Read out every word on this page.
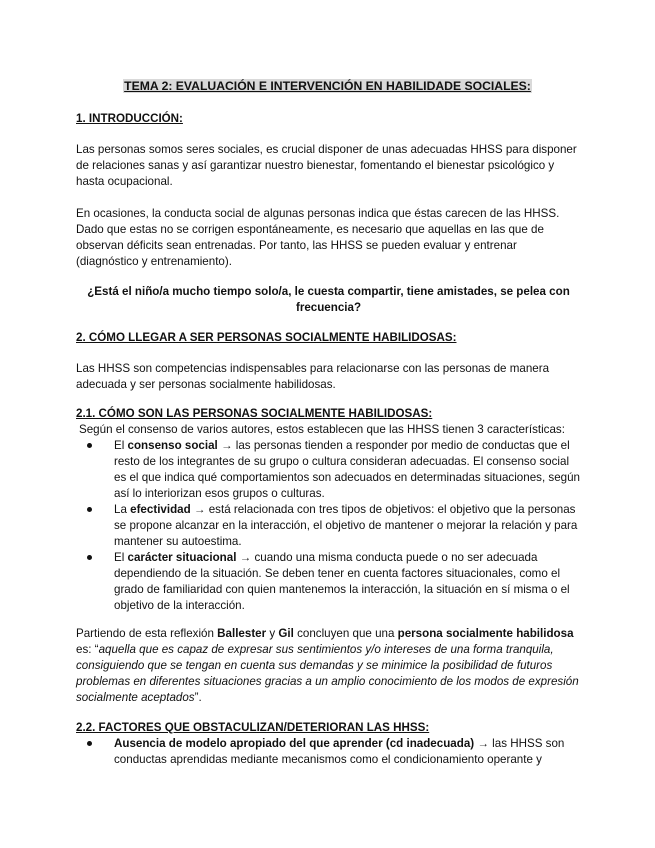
TEMA 2: EVALUACIÓN E INTERVENCIÓN EN HABILIDADE SOCIALES:

1. INTRODUCCIÓN:

Las personas somos seres sociales, es crucial disponer de unas adecuadas HHSS para disponer de relaciones sanas y así garantizar nuestro bienestar, fomentando el bienestar psicológico y hasta ocupacional.

En ocasiones, la conducta social de algunas personas indica que éstas carecen de las HHSS. Dado que estas no se corrigen espontáneamente, es necesario que aquellas en las que de observan déficits sean entrenadas. Por tanto, las HHSS se pueden evaluar y entrenar (diagnóstico y entrenamiento).

¿Está el niño/a mucho tiempo solo/a, le cuesta compartir, tiene amistades, se pelea con frecuencia?

2. CÓMO LLEGAR A SER PERSONAS SOCIALMENTE HABILIDOSAS:

Las HHSS son competencias indispensables para relacionarse con las personas de manera adecuada y ser personas socialmente habilidosas.

2.1. CÓMO SON LAS PERSONAS SOCIALMENTE HABILIDOSAS:

Según el consenso de varios autores, estos establecen que las HHSS tienen 3 características:

El consenso social → las personas tienden a responder por medio de conductas que el resto de los integrantes de su grupo o cultura consideran adecuadas. El consenso social es el que indica qué comportamientos son adecuados en determinadas situaciones, según así lo interiorizan esos grupos o culturas.
La efectividad → está relacionada con tres tipos de objetivos: el objetivo que la personas se propone alcanzar en la interacción, el objetivo de mantener o mejorar la relación y para mantener su autoestima.
El carácter situacional → cuando una misma conducta puede o no ser adecuada dependiendo de la situación. Se deben tener en cuenta factores situacionales, como el grado de familiaridad con quien mantenemos la interacción, la situación en sí misma o el objetivo de la interacción.

Partiendo de esta reflexión Ballester y Gil concluyen que una persona socialmente habilidosa es: “aquella que es capaz de expresar sus sentimientos y/o intereses de una forma tranquila, consiguiendo que se tengan en cuenta sus demandas y se minimice la posibilidad de futuros problemas en diferentes situaciones gracias a un amplio conocimiento de los modos de expresión socialmente aceptados”.

2.2. FACTORES QUE OBSTACULIZAN/DETERIORAN LAS HHSS:

Ausencia de modelo apropiado del que aprender (cd inadecuada) → las HHSS son conductas aprendidas mediante mecanismos como el condicionamiento operante y
